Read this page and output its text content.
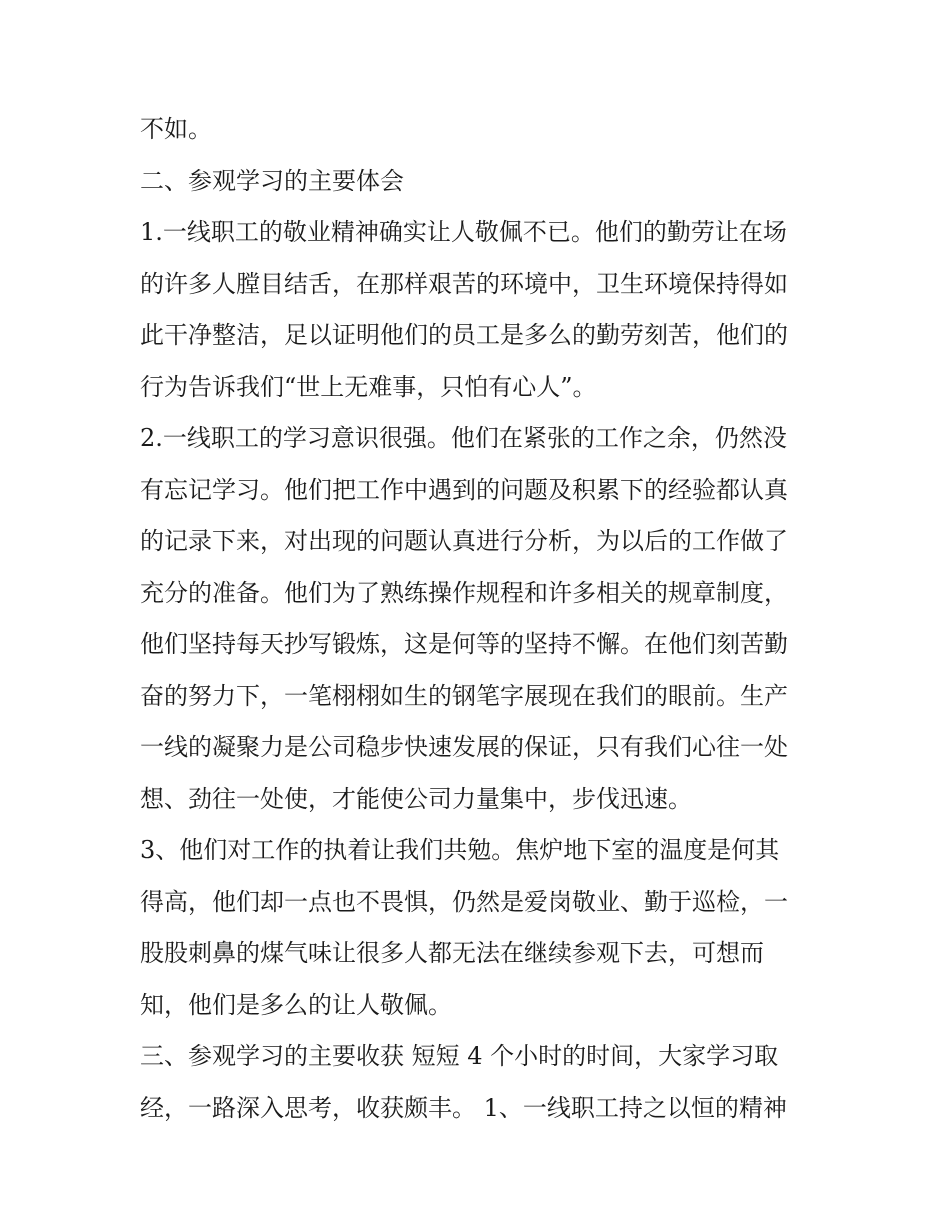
不如。
二、参观学习的主要体会
1.一线职工的敬业精神确实让人敬佩不已。他们的勤劳让在场
的许多人膛目结舌，在那样艰苦的环境中，卫生环境保持得如
此干净整洁，足以证明他们的员工是多么的勤劳刻苦，他们的
行为告诉我们“世上无难事，只怕有心人”。
2.一线职工的学习意识很强。他们在紧张的工作之余，仍然没
有忘记学习。他们把工作中遇到的问题及积累下的经验都认真
的记录下来，对出现的问题认真进行分析，为以后的工作做了
充分的准备。他们为了熟练操作规程和许多相关的规章制度，
他们坚持每天抄写锻炼，这是何等的坚持不懈。在他们刻苦勤
奋的努力下，一笔栩栩如生的钢笔字展现在我们的眼前。生产
一线的凝聚力是公司稳步快速发展的保证，只有我们心往一处
想、劲往一处使，才能使公司力量集中，步伐迅速。
3、他们对工作的执着让我们共勉。焦炉地下室的温度是何其
得高，他们却一点也不畏惧，仍然是爱岗敬业、勤于巡检，一
股股刺鼻的煤气味让很多人都无法在继续参观下去，可想而
知，他们是多么的让人敬佩。
三、参观学习的主要收获 短短 4 个小时的时间，大家学习取
经，一路深入思考，收获颇丰。 1、一线职工持之以恒的精神
